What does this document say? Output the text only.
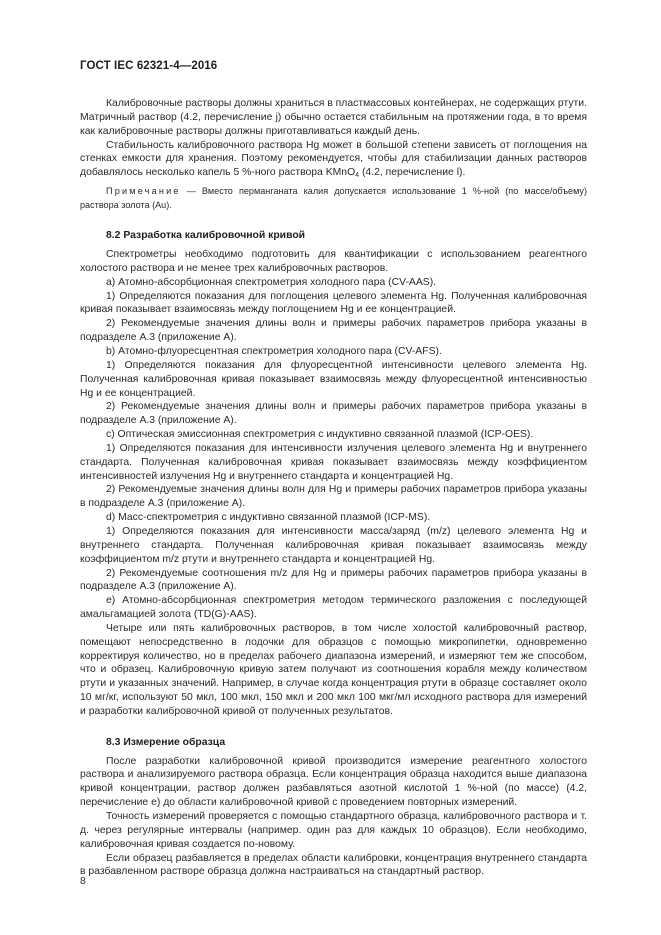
ГОСТ IEC 62321-4—2016

Калибровочные растворы должны храниться в пластмассовых контейнерах, не содержащих ртути. Матричный раствор (4.2, перечисление j) обычно остается стабильным на протяжении года, в то время как калибровочные растворы должны приготавливаться каждый день.

Стабильность калибровочного раствора Hg может в большой степени зависеть от поглощения на стенках емкости для хранения. Поэтому рекомендуется, чтобы для стабилизации данных растворов добавлялось несколько капель 5 %-ного раствора KMnO$_4$ (4.2, перечисление l).

Примечание — Вместо перманганата калия допускается использование 1 %-ной (по массе/объему) раствора золота (Au).

8.2 Разработка калибровочной кривой

Спектрометры необходимо подготовить для квантификации с использованием реагентного холостого раствора и не менее трех калибровочных растворов.

a) Атомно-абсорбционная спектрометрия холодного пара (CV-AAS).

1) Определяются показания для поглощения целевого элемента Hg. Полученная калибровочная кривая показывает взаимосвязь между поглощением Hg и ее концентрацией.

2) Рекомендуемые значения длины волн и примеры рабочих параметров прибора указаны в подразделе A.3 (приложение A).

b) Атомно-флуоресцентная спектрометрия холодного пара (CV-AFS).

1) Определяются показания для флуоресцентной интенсивности целевого элемента Hg. Полученная калибровочная кривая показывает взаимосвязь между флуоресцентной интенсивностью Hg и ее концентрацией.

2) Рекомендуемые значения длины волн и примеры рабочих параметров прибора указаны в подразделе A.3 (приложение A).

c) Оптическая эмиссионная спектрометрия с индуктивно связанной плазмой (ICP-OES).

1) Определяются показания для интенсивности излучения целевого элемента Hg и внутреннего стандарта. Полученная калибровочная кривая показывает взаимосвязь между коэффициентом интенсивностей излучения Hg и внутреннего стандарта и концентрацией Hg.

2) Рекомендуемые значения длины волн для Hg и примеры рабочих параметров прибора указаны в подразделе A.3 (приложение A).

d) Масс-спектрометрия с индуктивно связанной плазмой (ICP-MS).

1) Определяются показания для интенсивности масса/заряд (m/z) целевого элемента Hg и внутреннего стандарта. Полученная калибровочная кривая показывает взаимосвязь между коэффициентом m/z ртути и внутреннего стандарта и концентрацией Hg.

2) Рекомендуемые соотношения m/z для Hg и примеры рабочих параметров прибора указаны в подразделе A.3 (приложение A).

e) Атомно-абсорбционная спектрометрия методом термического разложения с последующей амальгамацией золота (TD(G)-AAS).

Четыре или пять калибровочных растворов, в том числе холостой калибровочный раствор, помещают непосредственно в лодочки для образцов с помощью микропипетки, одновременно корректируя количество, но в пределах рабочего диапазона измерений, и измеряют тем же способом, что и образец. Калибровочную кривую затем получают из соотношения корабля между количеством ртути и указанных значений. Например, в случае когда концентрация ртути в образце составляет около 10 мг/кг, используют 50 мкл, 100 мкл, 150 мкл и 200 мкл 100 мкг/мл исходного раствора для измерений и разработки калибровочной кривой от полученных результатов.

8.3 Измерение образца

После разработки калибровочной кривой производится измерение реагентного холостого раствора и анализируемого раствора образца. Если концентрация образца находится выше диапазона кривой концентрации, раствор должен разбавляться азотной кислотой 1 %-ной (по массе) (4.2, перечисление e) до области калибровочной кривой с проведением повторных измерений.

Точность измерений проверяется с помощью стандартного образца, калибровочного раствора и т. д. через регулярные интервалы (например. один раз для каждых 10 образцов). Если необходимо, калибровочная кривая создается по-новому.

Если образец разбавляется в пределах области калибровки, концентрация внутреннего стандарта в разбавленном растворе образца должна настраиваться на стандартный раствор.

8
